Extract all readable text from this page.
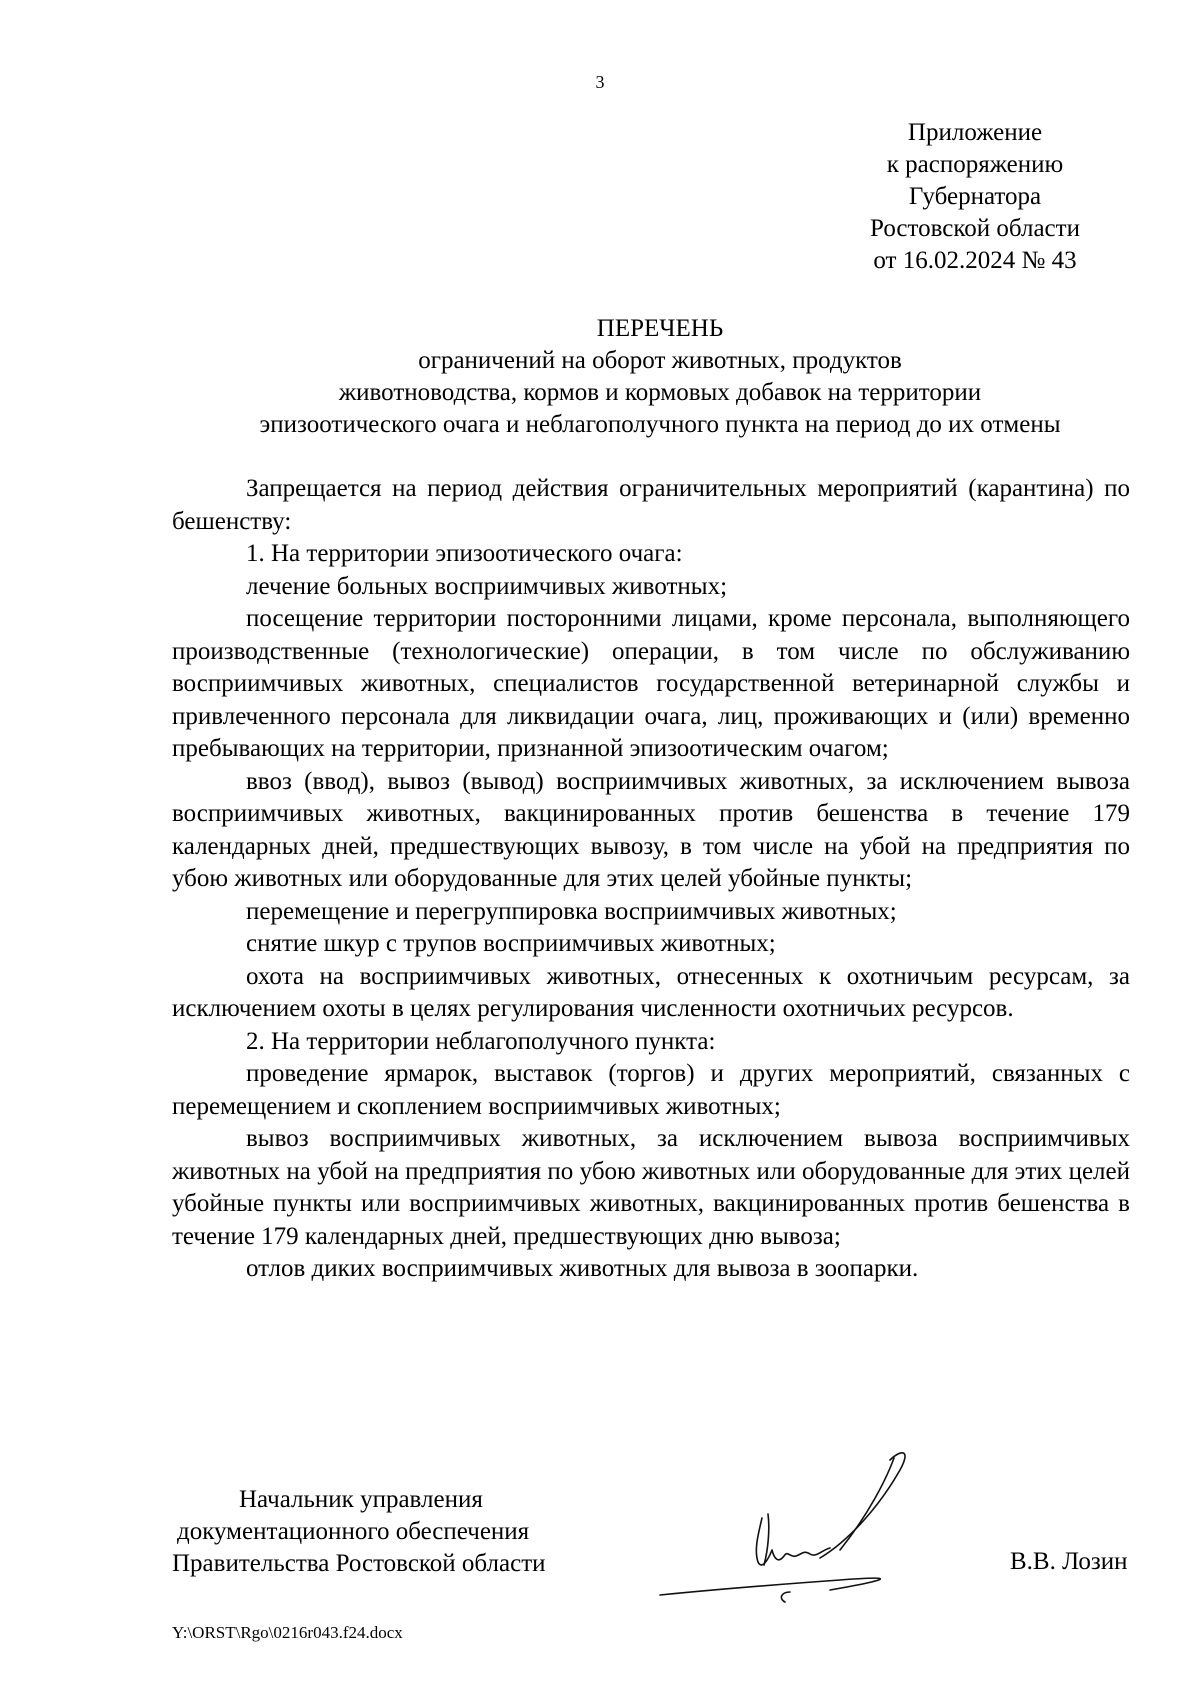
3
Приложение
к распоряжению
Губернатора
Ростовской области
от 16.02.2024 № 43
ПЕРЕЧЕНЬ
ограничений на оборот животных, продуктов
животноводства, кормов и кормовых добавок на территории
эпизоотического очага и неблагополучного пункта на период до их отмены
Запрещается на период действия ограничительных мероприятий (карантина) по бешенству:
1. На территории эпизоотического очага:
лечение больных восприимчивых животных;
посещение территории посторонними лицами, кроме персонала, выполняющего производственные (технологические) операции, в том числе по обслуживанию восприимчивых животных, специалистов государственной ветеринарной службы и привлеченного персонала для ликвидации очага, лиц, проживающих и (или) временно пребывающих на территории, признанной эпизоотическим очагом;
ввоз (ввод), вывоз (вывод) восприимчивых животных, за исключением вывоза восприимчивых животных, вакцинированных против бешенства в течение 179 календарных дней, предшествующих вывозу, в том числе на убой на предприятия по убою животных или оборудованные для этих целей убойные пункты;
перемещение и перегруппировка восприимчивых животных;
снятие шкур с трупов восприимчивых животных;
охота на восприимчивых животных, отнесенных к охотничьим ресурсам, за исключением охоты в целях регулирования численности охотничьих ресурсов.
2. На территории неблагополучного пункта:
проведение ярмарок, выставок (торгов) и других мероприятий, связанных с перемещением и скоплением восприимчивых животных;
вывоз восприимчивых животных, за исключением вывоза восприимчивых животных на убой на предприятия по убою животных или оборудованные для этих целей убойные пункты или восприимчивых животных, вакцинированных против бешенства в течение 179 календарных дней, предшествующих дню вывоза;
отлов диких восприимчивых животных для вывоза в зоопарки.
Начальник управления
документационного обеспечения
Правительства Ростовской области	В.В. Лозин
Y:\ORST\Rgo\0216r043.f24.docx
